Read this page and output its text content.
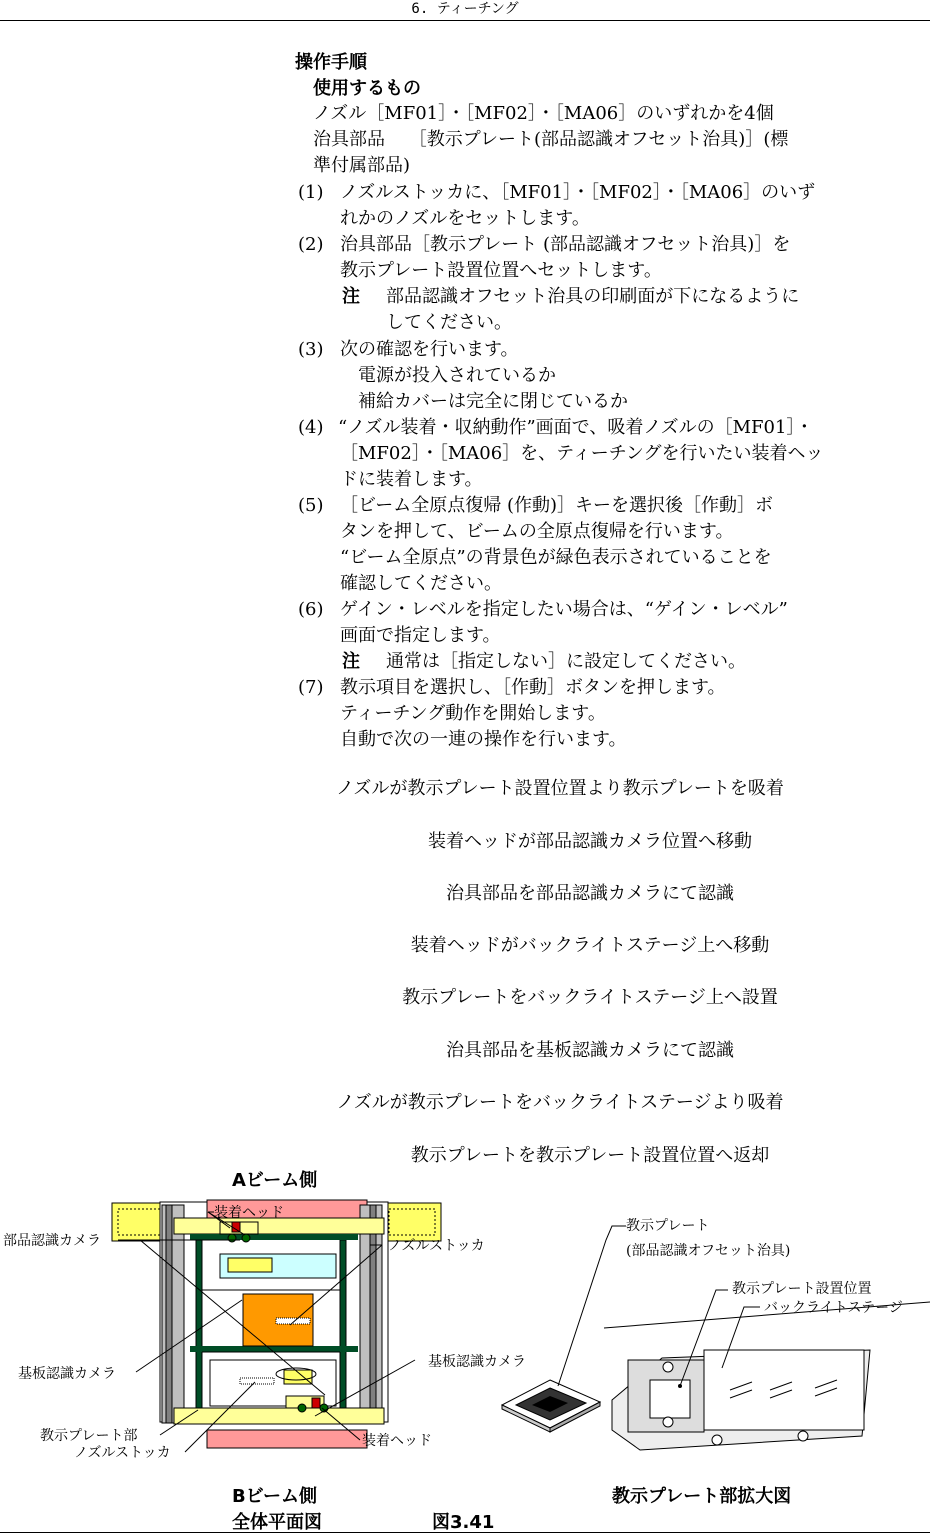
6. ティーチング
操作手順
使用するもの
ノズル［MF01］・［MF02］・［MA06］のいずれかを4個
治具部品　 ［教示プレート(部品認識オフセット治具)］(標
準付属部品)
(1) ノズルストッカに、［MF01］・［MF02］・［MA06］のいず
れかのノズルをセットします。
(2) 治具部品［教示プレート (部品認識オフセット治具)］を
教示プレート設置位置へセットします。
注 部品認識オフセット治具の印刷面が下になるように
してください。
(3) 次の確認を行います。
電源が投入されているか
補給カバーは完全に閉じているか
(4) “ノズル装着・収納動作”画面で、吸着ノズルの［MF01］・
［MF02］・［MA06］を、ティーチングを行いたい装着ヘッ
ドに装着します。
(5) ［ビーム全原点復帰 (作動)］キーを選択後［作動］ボ
タンを押して、ビームの全原点復帰を行います。
“ビーム全原点”の背景色が緑色表示されていることを
確認してください。
(6) ゲイン・レベルを指定したい場合は、“ゲイン・レベル”
画面で指定します。
注 通常は［指定しない］に設定してください。
(7) 教示項目を選択し、［作動］ボタンを押します。
ティーチング動作を開始します。
自動で次の一連の操作を行います。
ノズルが教示プレート設置位置より教示プレートを吸着
装着ヘッドが部品認識カメラ位置へ移動
治具部品を部品認識カメラにて認識
装着ヘッドがバックライトステージ上へ移動
教示プレートをバックライトステージ上へ設置
治具部品を基板認識カメラにて認識
ノズルが教示プレートをバックライトステージより吸着
教示プレートを教示プレート設置位置へ返却
Aビーム側
Bビーム側
全体平面図	図3.41
教示プレート部拡大図
装着ヘッド
部品認識カメラ	ノズルストッカ
基板認識カメラ
基板認識カメラ
教示プレート部
ノズルストッカ
装着ヘッド
教示プレート
(部品認識オフセット治具)
教示プレート設置位置
バックライトステージ
